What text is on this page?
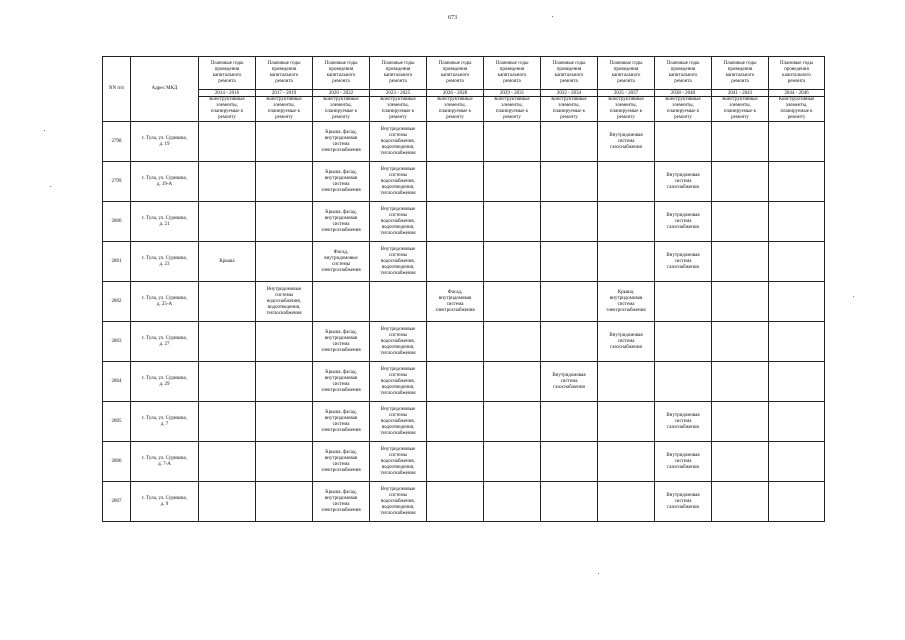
673
NN п/п	Адрес МКД	Плановые годы
проведения
капитального
ремонта	Плановые годы
проведения
капитального
ремонта	Плановые годы
проведения
капитального
ремонта	Плановые годы
проведения
капитального
ремонта	Плановые годы
проведения
капитального
ремонта	Плановые годы
проведения
капитального
ремонта	Плановые годы
проведения
капитального
ремонта	Плановые годы
проведения
капитального
ремонта	Плановые годы
проведения
капитального
ремонта	Плановые годы
проведения
капитального
ремонта	Плановые годы
проведения
капитального
ремонта
		2014 - 2016	2017 - 2019	2020 - 2022	2023 - 2025	2026 - 2028	2029 - 2031	2032 - 2034	2035 - 2037	2038 - 2040	2041 - 2043	2044 - 2046
		Конструктивные
элементы,
планируемые к
ремонту	Конструктивные
элементы,
планируемые к
ремонту	Конструктивные
элементы,
планируемые к
ремонту	Конструктивные
элементы,
планируемые к
ремонту	Конструктивные
элементы,
планируемые к
ремонту	Конструктивные
элементы,
планируемые к
ремонту	Конструктивные
элементы,
планируемые к
ремонту	Конструктивные
элементы,
планируемые к
ремонту	Конструктивные
элементы,
планируемые к
ремонту	Конструктивные
элементы,
планируемые к
ремонту	Конструктивные
элементы,
планируемые к
ремонту
2798	г. Тула, ул. Сурикова,
д. 19			Крыша, фасад,
внутридомовая
система
электроснабжения	Внутридомовые
системы
водоснабжения,
водоотведения,
теплоснабжения				Внутридомовая
система
газоснабжения			
2799	г. Тула, ул. Сурикова,
д. 19-А			Крыша, фасад,
внутридомовая
система
электроснабжения	Внутридомовые
системы
водоснабжения,
водоотведения,
теплоснабжения					Внутридомовая
система
газоснабжения		
2800	г. Тула, ул. Сурикова,
д. 21			Крыша, фасад,
внутридомовая
система
электроснабжения	Внутридомовые
системы
водоснабжения,
водоотведения,
теплоснабжения					Внутридомовая
система
газоснабжения		
2801	г. Тула, ул. Сурикова,
д. 23	Крыша		Фасад,
внутридомовые
системы
электроснабжения	Внутридомовые
системы
водоснабжения,
водоотведения,
теплоснабжения					Внутридомовая
система
газоснабжения		
2802	г. Тула, ул. Сурикова,
д. 25-А		Внутридомовые
системы
водоснабжения,
водоотведения,
теплоснабжения			Фасад,
внутридомовая
система
электроснабжения			Крыша,
внутридомовая
система
электроснабжения			
2803	г. Тула, ул. Сурикова,
д. 27			Крыша, фасад,
внутридомовая
система
электроснабжения	Внутридомовые
системы
водоснабжения,
водоотведения,
теплоснабжения				Внутридомовая
система
газоснабжения			
2804	г. Тула, ул. Сурикова,
д. 29			Крыша, фасад,
внутридомовая
система
электроснабжения	Внутридомовые
системы
водоснабжения,
водоотведения,
теплоснабжения			Внутридомовая
система
газоснабжения				
2805	г. Тула, ул. Сурикова,
д. 7			Крыша, фасад,
внутридомовая
система
электроснабжения	Внутридомовые
системы
водоснабжения,
водоотведения,
теплоснабжения					Внутридомовая
система
газоснабжения		
2806	г. Тула, ул. Сурикова,
д. 7-А			Крыша, фасад,
внутридомовая
система
электроснабжения	Внутридомовые
системы
водоснабжения,
водоотведения,
теплоснабжения					Внутридомовая
система
газоснабжения		
2807	г. Тула, ул. Сурикова,
д. 9			Крыша, фасад,
внутридомовая
система
электроснабжения	Внутридомовые
системы
водоснабжения,
водоотведения,
теплоснабжения					Внутридомовая
система
газоснабжения		
